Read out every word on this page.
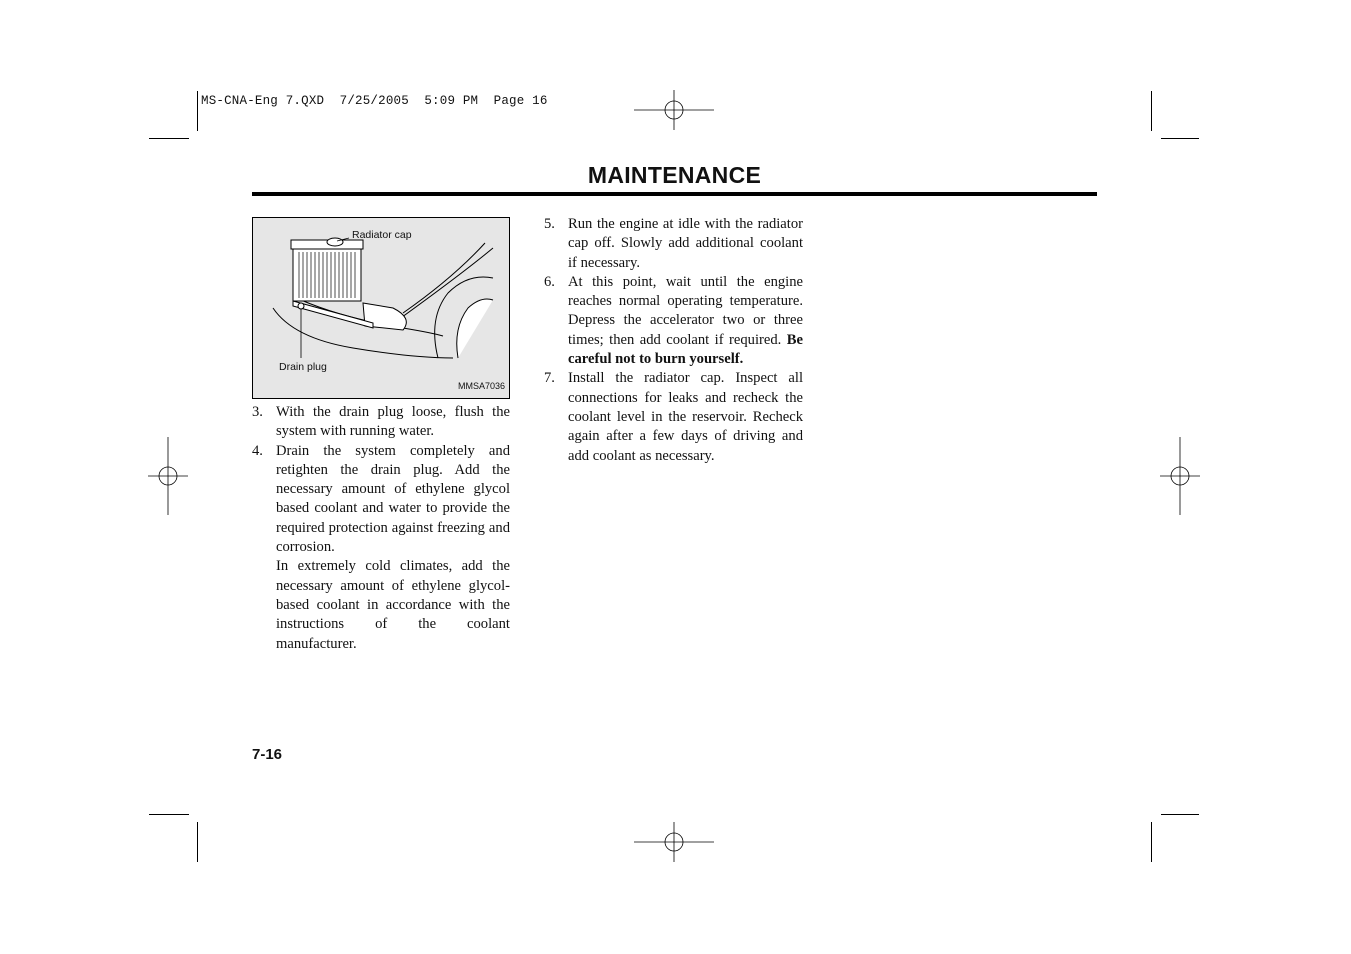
MS-CNA-Eng 7.QXD  7/25/2005  5:09 PM  Page 16
MAINTENANCE
Radiator cap
Drain plug
MMSA7036
3. With the drain plug loose, flush the system with running water.
4. Drain the system completely and retighten the drain plug. Add the necessary amount of ethylene glycol based coolant and water to provide the required protection against freezing and corrosion.
In extremely cold climates, add the necessary amount of ethylene glycol-based coolant in accordance with the instructions of the coolant manufacturer.
5. Run the engine at idle with the radiator cap off. Slowly add additional coolant if necessary.
6. At this point, wait until the engine reaches normal operating temperature. Depress the accelerator two or three times; then add coolant if required. Be careful not to burn yourself.
7. Install the radiator cap. Inspect all connections for leaks and recheck the coolant level in the reservoir. Recheck again after a few days of driving and add coolant as necessary.
7-16
